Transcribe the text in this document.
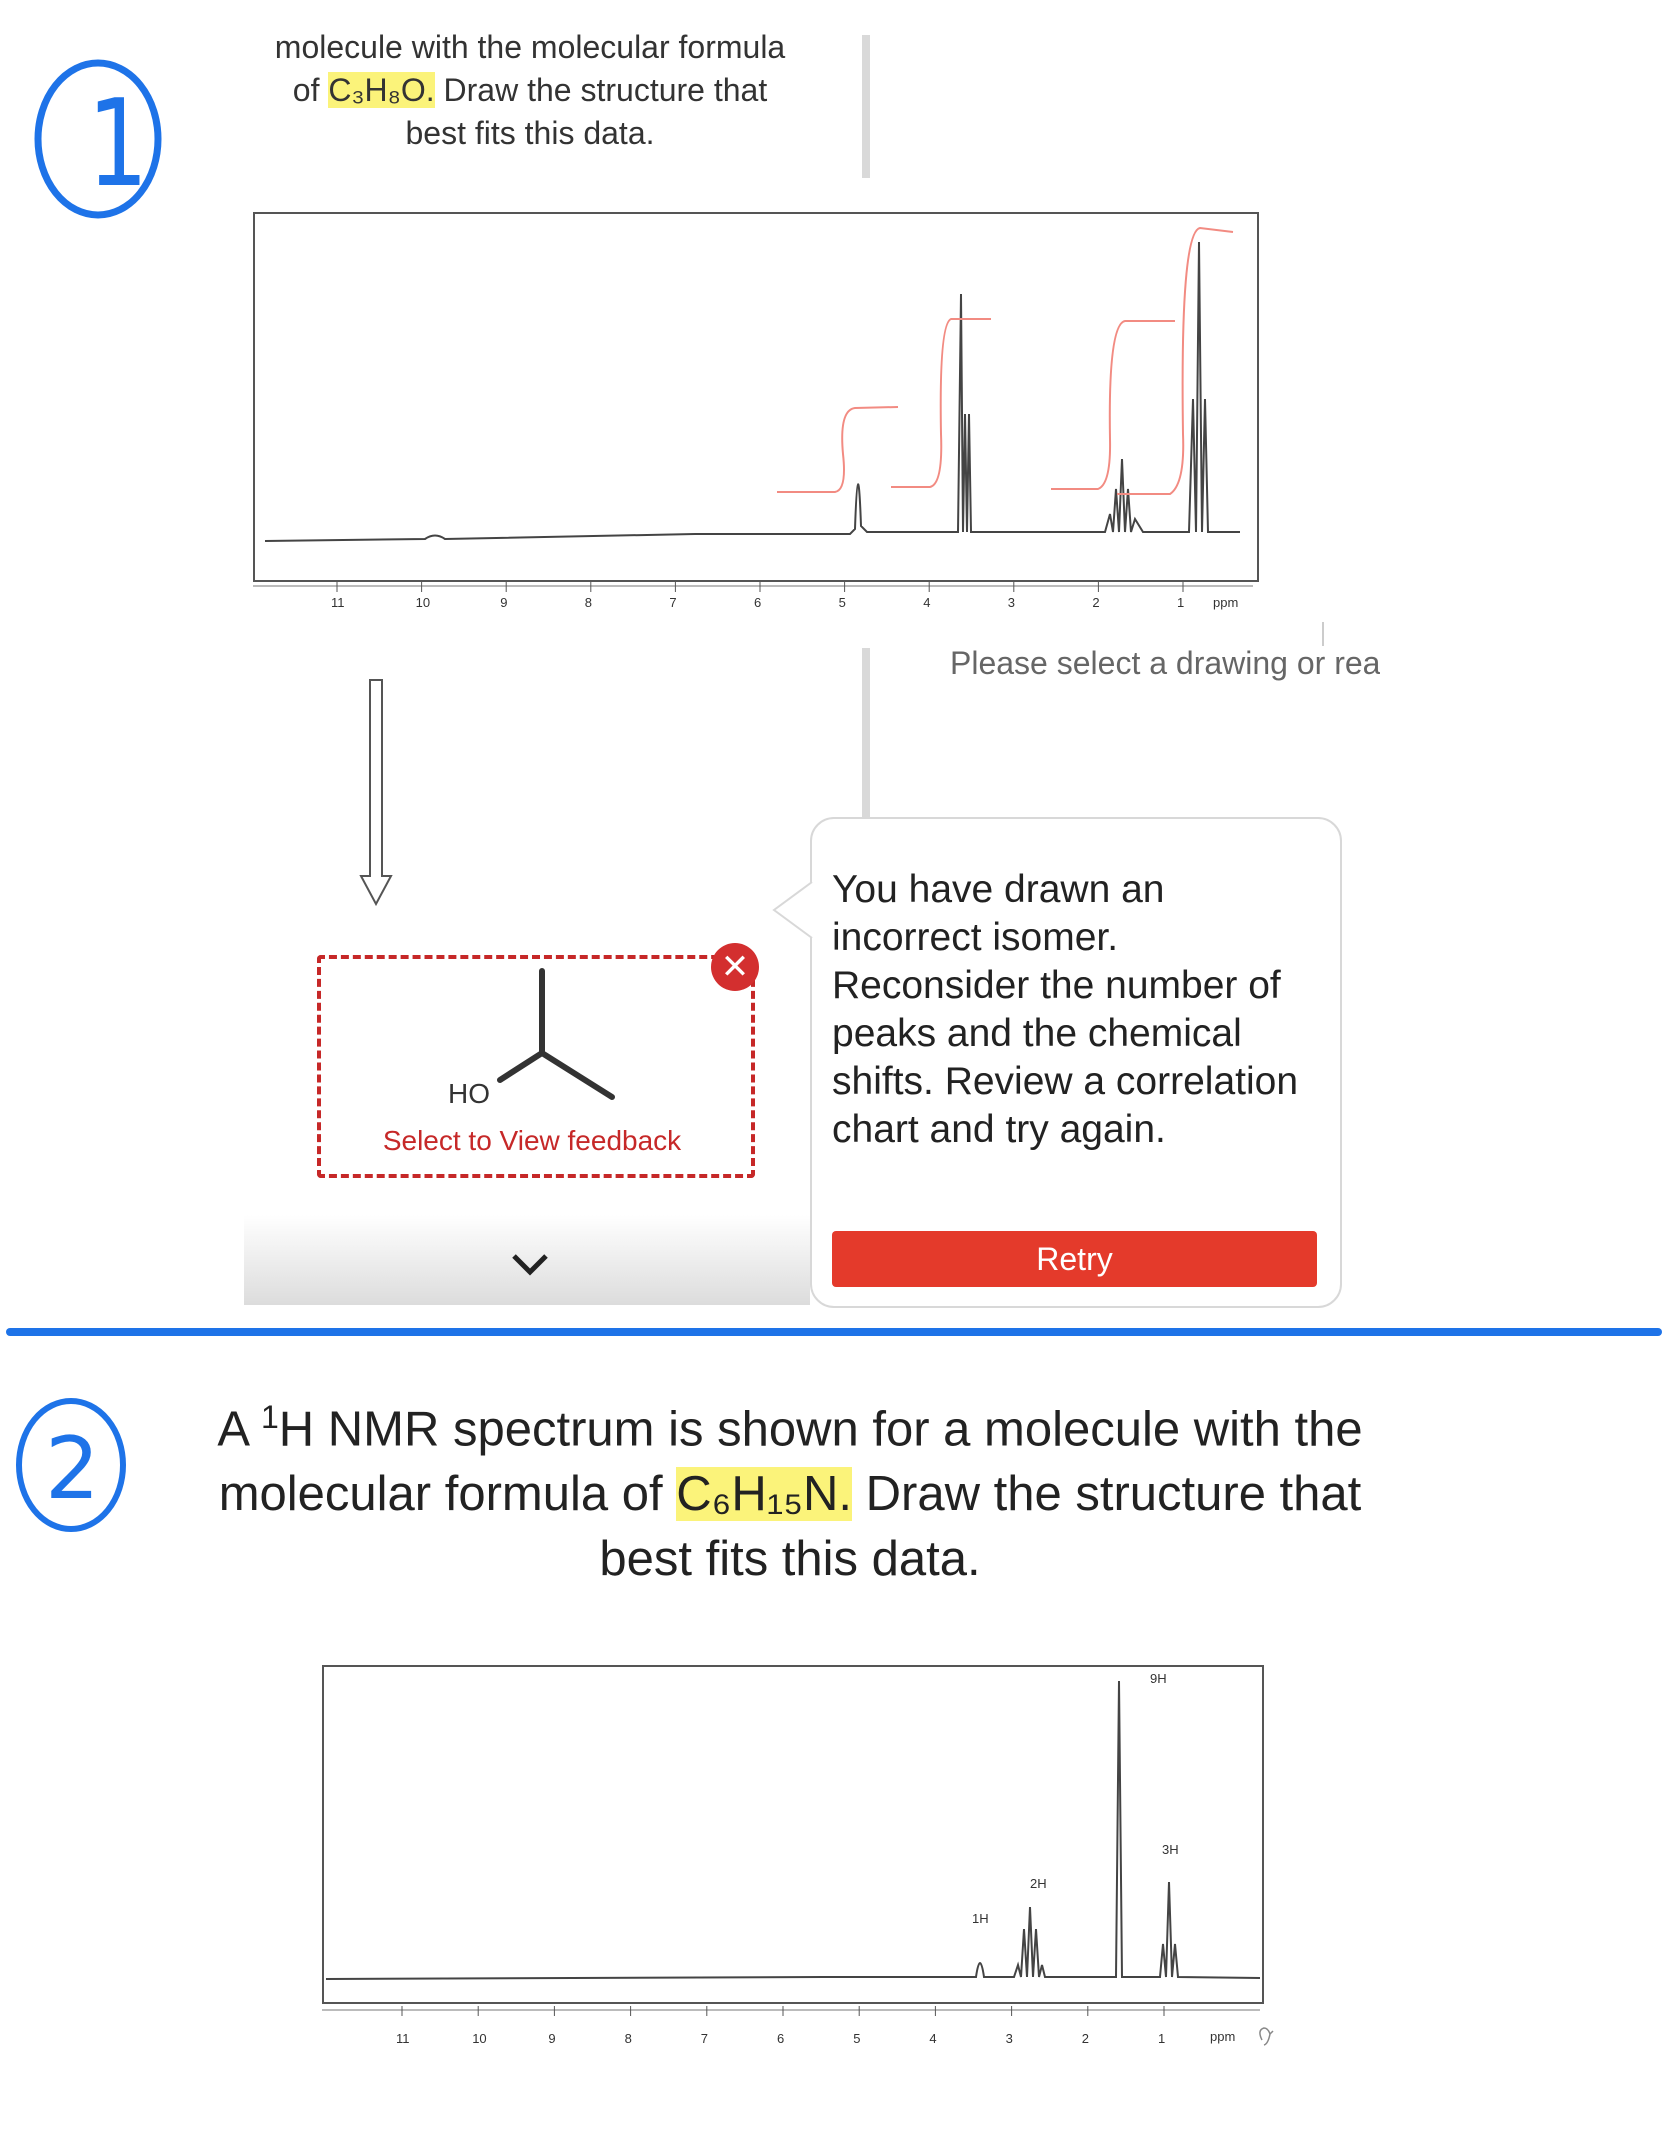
1
2
molecule with the molecular formula
of C₃H₈O. Draw the structure that
best fits this data.
11	10	9	8	7	6	5	4	3	2	1 ppm
Please select a drawing or rea
HO
Select to View feedback
✕
You have drawn an incorrect isomer. Reconsider the number of peaks and the chemical shifts. Review a correlation chart and try again.
Retry
A $^1$H NMR spectrum is shown for a molecule with the
molecular formula of C₆H₁₅N. Draw the structure that
best fits this data.
9H
3H
2H
1H
11	10	9	8	7	6	5	4	3	2	1	ppm
